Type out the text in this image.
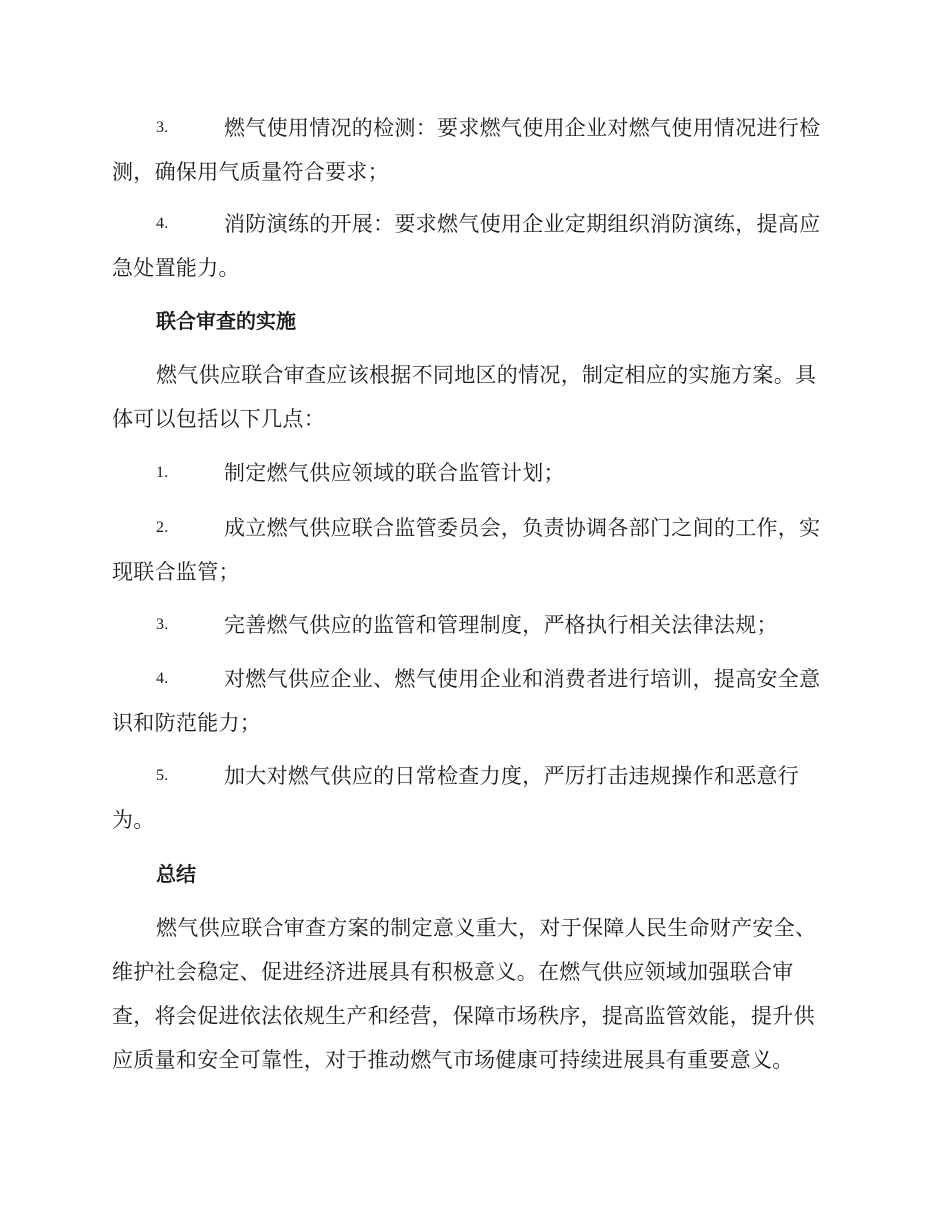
3.	燃气使用情况的检测：要求燃气使用企业对燃气使用情况进行检测，确保用气质量符合要求；
4.	消防演练的开展：要求燃气使用企业定期组织消防演练，提高应急处置能力。
联合审查的实施
燃气供应联合审查应该根据不同地区的情况，制定相应的实施方案。具体可以包括以下几点：
1.	制定燃气供应领域的联合监管计划；
2.	成立燃气供应联合监管委员会，负责协调各部门之间的工作，实现联合监管；
3.	完善燃气供应的监管和管理制度，严格执行相关法律法规；
4.	对燃气供应企业、燃气使用企业和消费者进行培训，提高安全意识和防范能力；
5.	加大对燃气供应的日常检查力度，严厉打击违规操作和恶意行为。
总结
燃气供应联合审查方案的制定意义重大，对于保障人民生命财产安全、维护社会稳定、促进经济进展具有积极意义。在燃气供应领域加强联合审查，将会促进依法依规生产和经营，保障市场秩序，提高监管效能，提升供应质量和安全可靠性，对于推动燃气市场健康可持续进展具有重要意义。
